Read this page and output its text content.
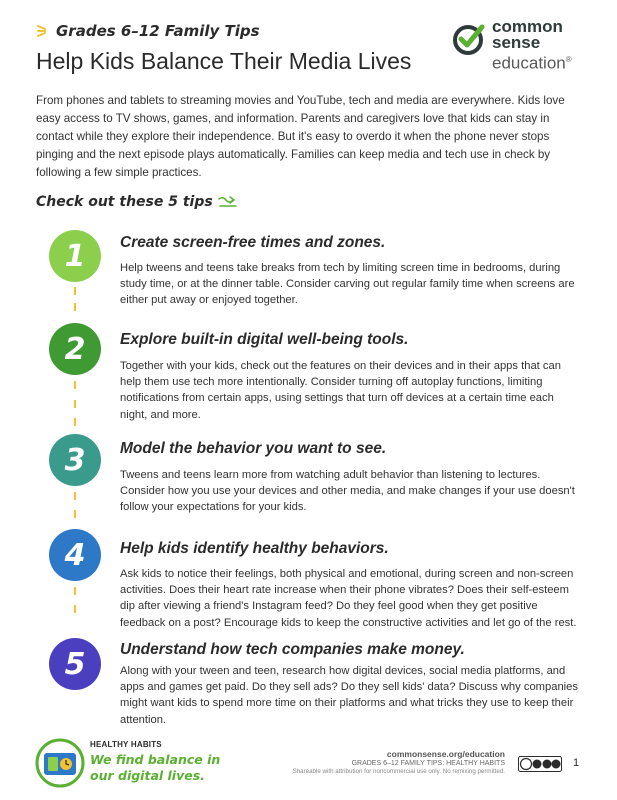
Grades 6–12 Family Tips
Help Kids Balance Their Media Lives
common
sense
education®

From phones and tablets to streaming movies and YouTube, tech and media are everywhere. Kids love easy access to TV shows, games, and information. Parents and caregivers love that kids can stay in contact while they explore their independence. But it's easy to overdo it when the phone never stops pinging and the next episode plays automatically. Families can keep media and tech use in check by following a few simple practices.

Check out these 5 tips
1	Create screen-free times and zones.

Help tweens and teens take breaks from tech by limiting screen time in bedrooms, during study time, or at the dinner table. Consider carving out regular family time when screens are either put away or enjoyed together.

2	Explore built-in digital well-being tools.

Together with your kids, check out the features on their devices and in their apps that can help them use tech more intentionally. Consider turning off autoplay functions, limiting notifications from certain apps, using settings that turn off devices at a certain time each night, and more.

3	Model the behavior you want to see.

Tweens and teens learn more from watching adult behavior than listening to lectures. Consider how you use your devices and other media, and make changes if your use doesn't follow your expectations for your kids.

4	Help kids identify healthy behaviors.

Ask kids to notice their feelings, both physical and emotional, during screen and non-screen activities. Does their heart rate increase when their phone vibrates? Does their self-esteem dip after viewing a friend's Instagram feed? Do they feel good when they get positive feedback on a post? Encourage kids to keep the constructive activities and let go of the rest.

5	Understand how tech companies make money.

Along with your tween and teen, research how digital devices, social media platforms, and apps and games get paid. Do they sell ads? Do they sell kids' data? Discuss why companies might want kids to spend more time on their platforms and what tricks they use to keep their attention.

HEALTHY HABITS
We find balance in
our digital lives.
commonsense.org/education
GRADES 6–12 FAMILY TIPS: HEALTHY HABITS
Shareable with attribution for noncommercial use only. No remixing permitted.
1
